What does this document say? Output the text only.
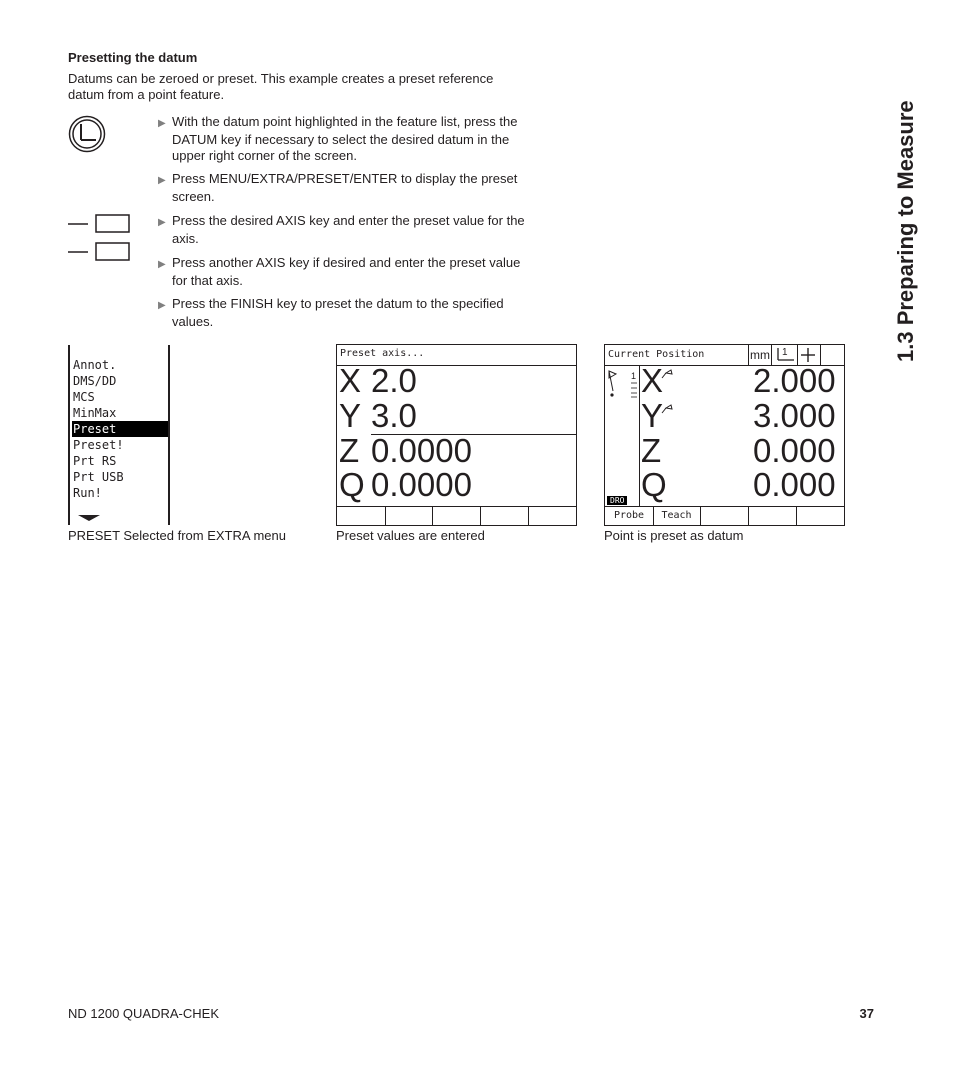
1.3 Preparing to Measure
Presetting the datum
Datums can be zeroed or preset. This example creates a preset reference datum from a point feature.
▶ With the datum point highlighted in the feature list, press the DATUM key if necessary to select the desired datum in the upper right corner of the screen.
▶ Press MENU/EXTRA/PRESET/ENTER to display the preset screen.
▶ Press the desired AXIS key and enter the preset value for the axis.
▶ Press another AXIS key if desired and enter the preset value for that axis.
▶ Press the FINISH key to preset the datum to the specified values.
Annot.
DMS/DD
MCS
MinMax
Preset
Preset!
Prt RS
Prt USB
Run!
PRESET Selected from EXTRA menu
Preset axis...
X 2.0
Y 3.0
Z 0.0000
Q 0.0000
Preset values are entered
Current Position	mm 1
1
DRO
X	2.000
Y	3.000
Z	0.000
Q	0.000
Probe	Teach
Point is preset as datum
ND 1200 QUADRA-CHEK	37
